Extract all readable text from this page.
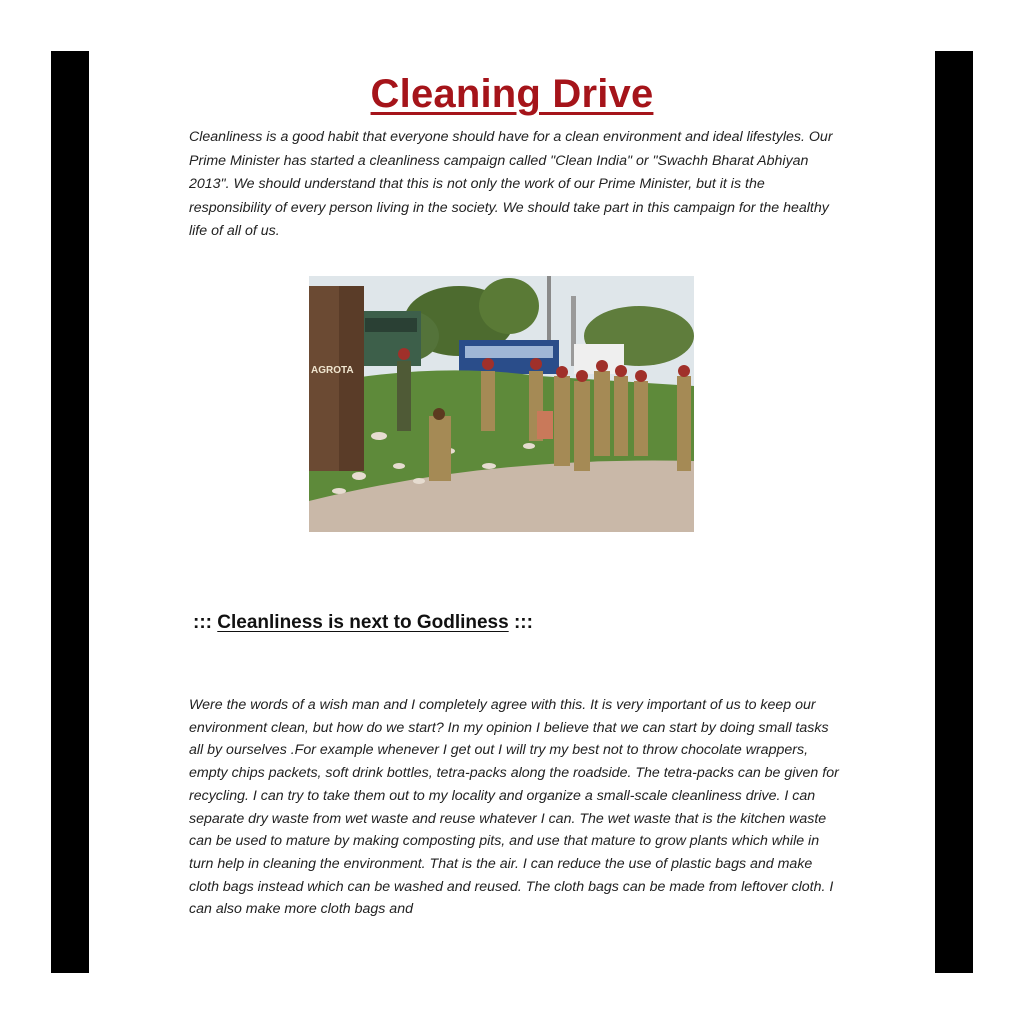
Cleaning Drive
Cleanliness is a good habit that everyone should have for a clean environment and ideal lifestyles. Our Prime Minister has started a cleanliness campaign called "Clean India" or "Swachh Bharat Abhiyan 2013". We should understand that this is not only the work of our Prime Minister, but it is the responsibility of every person living in the society. We should take part in this campaign for the healthy life of all of us.
AGROTA
::: Cleanliness is next to Godliness :::
Were the words of a wish man and I completely agree with this. It is very important of us to keep our environment clean, but how do we start? In my opinion I believe that we can start by doing small tasks all by ourselves .For example whenever I get out I will try my best not to throw chocolate wrappers, empty chips packets, soft drink bottles, tetra-packs along the roadside. The tetra-packs can be given for recycling. I can try to take them out to my locality and organize a small-scale cleanliness drive. I can separate dry waste from wet waste and reuse whatever I can. The wet waste that is the kitchen waste can be used to mature by making composting pits, and use that mature to grow plants which while in turn help in cleaning the environment. That is the air. I can reduce the use of plastic bags and make cloth bags instead which can be washed and reused. The cloth bags can be made from leftover cloth. I can also make more cloth bags and
